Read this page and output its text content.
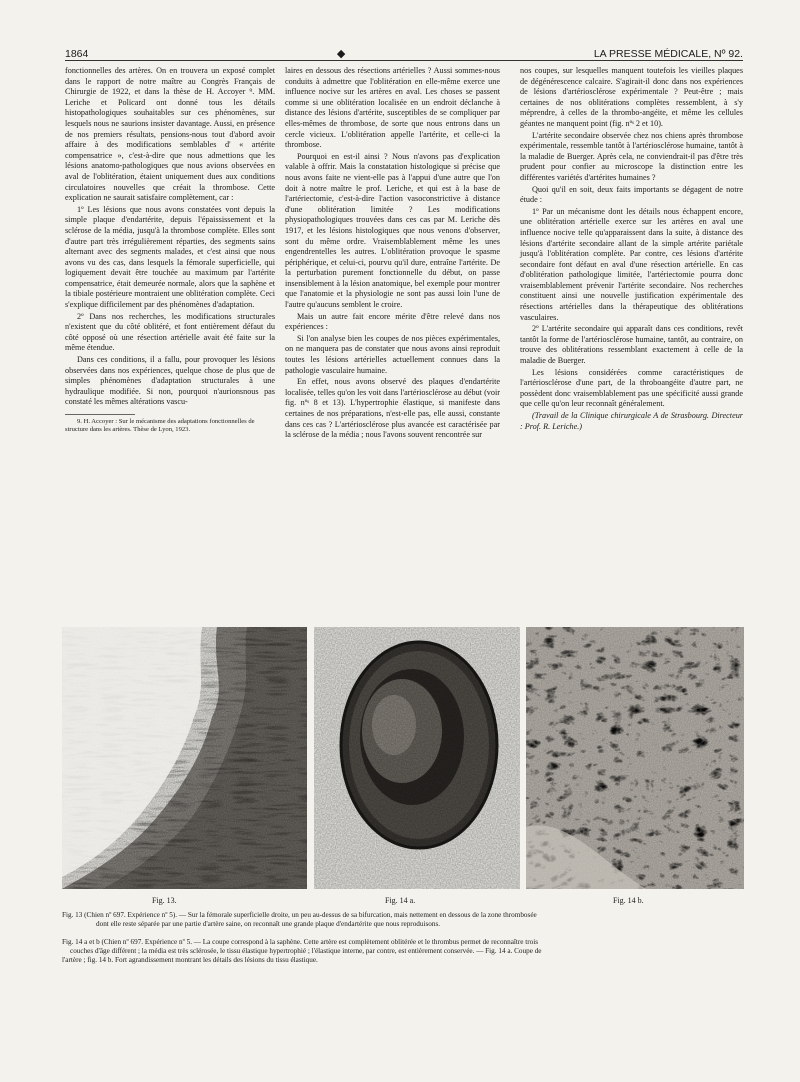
1864	◆	LA PRESSE MÉDICALE, Nº 92.

fonctionnelles des artères. On en trouvera un exposé complet dans le rapport de notre maître au Congrès Français de Chirurgie de 1922, et dans la thèse de H. Accoyer ⁹. MM. Leriche et Policard ont donné tous les détails histopathologiques souhaitables sur ces phénomènes, sur lesquels nous ne saurions insister davantage. Aussi, en présence de nos premiers résultats, pensions-nous tout d'abord avoir affaire à des modifications semblables d' « artérite compensatrice », c'est-à-dire que nous admettions que les lésions anatomo-pathologiques que nous avions observées en aval de l'oblitération, étaient uniquement dues aux conditions circulatoires nouvelles que créait la thrombose. Cette explication ne saurait satisfaire complètement, car :

1º Les lésions que nous avons constatées vont depuis la simple plaque d'endartérite, depuis l'épaississement et la sclérose de la média, jusqu'à la thrombose complète. Elles sont d'autre part très irrégulièrement réparties, des segments sains alternant avec des segments malades, et c'est ainsi que nous avons vu des cas, dans lesquels la fémorale superficielle, qui logiquement devait être touchée au maximum par l'artérite compensatrice, était demeurée normale, alors que la saphène et la tibiale postérieure montraient une oblitération complète. Ceci s'explique difficilement par des phénomènes d'adaptation.

2º Dans nos recherches, les modifications structurales n'existent que du côté oblitéré, et font entièrement défaut du côté opposé où une résection artérielle avait été faite sur la même étendue.

Dans ces conditions, il a fallu, pour provoquer les lésions observées dans nos expériences, quelque chose de plus que de simples phénomènes d'adaptation structurales à une hydraulique modifiée. Si non, pourquoi n'aurionsnous pas constaté les mêmes altérations vascu-

9. H. Accoyer : Sur le mécanisme des adaptations fonctionnelles de structure dans les artères. Thèse de Lyon, 1923.

laires en dessous des résections artérielles ? Aussi sommes-nous conduits à admettre que l'oblitération en elle-même exerce une influence nocive sur les artères en aval. Les choses se passent comme si une oblitération localisée en un endroit déclanche à distance des lésions d'artérite, susceptibles de se compliquer par elles-mêmes de thrombose, de sorte que nous entrons dans un cercle vicieux. L'oblitération appelle l'artérite, et celle-ci la thrombose.

Pourquoi en est-il ainsi ? Nous n'avons pas d'explication valable à offrir. Mais la constatation histologique si précise que nous avons faite ne vient-elle pas à l'appui d'une autre que l'on doit à notre maître le prof. Leriche, et qui est à la base de l'artériectomie, c'est-à-dire l'action vasoconstrictive à distance d'une oblitération limitée ? Les modifications physiopathologiques trouvées dans ces cas par M. Leriche dès 1917, et les lésions histologiques que nous venons d'observer, sont du même ordre. Vraisemblablement même les unes engendrentelles les autres. L'oblitération provoque le spasme périphérique, et celui-ci, pourvu qu'il dure, entraîne l'artérite. De la perturbation purement fonctionnelle du début, on passe insensiblement à la lésion anatomique, bel exemple pour montrer que l'anatomie et la physiologie ne sont pas aussi loin l'une de l'autre qu'aucuns semblent le croire.

Mais un autre fait encore mérite d'être relevé dans nos expériences :

Si l'on analyse bien les coupes de nos pièces expérimentales, on ne manquera pas de constater que nous avons ainsi reproduit toutes les lésions artérielles actuellement connues dans la pathologie vasculaire humaine.

En effet, nous avons observé des plaques d'endartérite localisée, telles qu'on les voit dans l'artériosclérose au début (voir fig. nºˢ 8 et 13). L'hypertrophie élastique, si manifeste dans certaines de nos préparations, n'est-elle pas, elle aussi, constante dans ces cas ? L'artériosclérose plus avancée est caractérisée par la sclérose de la média ; nous l'avons souvent rencontrée sur

nos coupes, sur lesquelles manquent toutefois les vieilles plaques de dégénérescence calcaire. S'agirait-il donc dans nos expériences de lésions d'artériosclérose expérimentale ? Peut-être ; mais certaines de nos oblitérations complètes ressemblent, à s'y méprendre, à celles de la thrombo-angéite, et même les cellules géantes ne manquent point (fig. nºˢ 2 et 10).

L'artérite secondaire observée chez nos chiens après thrombose expérimentale, ressemble tantôt à l'artériosclérose humaine, tantôt à la maladie de Buerger. Après cela, ne conviendrait-il pas d'être très prudent pour confier au microscope la distinction entre les différentes variétés d'artérites humaines ?

Quoi qu'il en soit, deux faits importants se dégagent de notre étude :

1º Par un mécanisme dont les détails nous échappent encore, une oblitération artérielle exerce sur les artères en aval une influence nocive telle qu'apparaissent dans la suite, à distance des lésions d'artérite secondaire allant de la simple artérite pariétale jusqu'à l'oblitération complète. Par contre, ces lésions d'artérite secondaire font défaut en aval d'une résection artérielle. En cas d'oblitération pathologique limitée, l'artériectomie pourra donc vraisemblablement prévenir l'artérite secondaire. Nos recherches constituent ainsi une nouvelle justification expérimentale des résections artérielles dans la thérapeutique des oblitérations vasculaires.

2º L'artérite secondaire qui apparaît dans ces conditions, revêt tantôt la forme de l'artériosclérose humaine, tantôt, au contraire, on trouve des oblitérations ressemblant exactement à celle de la maladie de Buerger.

Les lésions considérées comme caractéristiques de l'artériosclérose d'une part, de la throboangéite d'autre part, ne possèdent donc vraisemblablement pas une spécificité aussi grande que celle qu'on leur reconnaît généralement.

(Travail de la Clinique chirurgicale A de Strasbourg. Directeur : Prof. R. Leriche.)

Fig. 13.	Fig. 14 a.	Fig. 14 b.
Fig. 13 (Chien nº 697. Expérience nº 5). — Sur la fémorale superficielle droite, un peu au-dessus de sa bifurcation, mais nettement en dessous de la zone thrombosée
dont elle reste séparée par une partie d'artère saine, on reconnaît une grande plaque d'endartérite que nous reproduisons.
Fig. 14 a et b (Chien nº 697. Expérience nº 5. — La coupe correspond à la saphène. Cette artère est complètement oblitérée et le thrombus permet de reconnaître trois
couches d'âge différent ; la média est très sclérosée, le tissu élastique hypertrophié ; l'élastique interne, par contre, est entièrement conservée. — Fig. 14 a. Coupe de
l'artère ; fig. 14 b. Fort agrandissement montrant les détails des lésions du tissu élastique.
